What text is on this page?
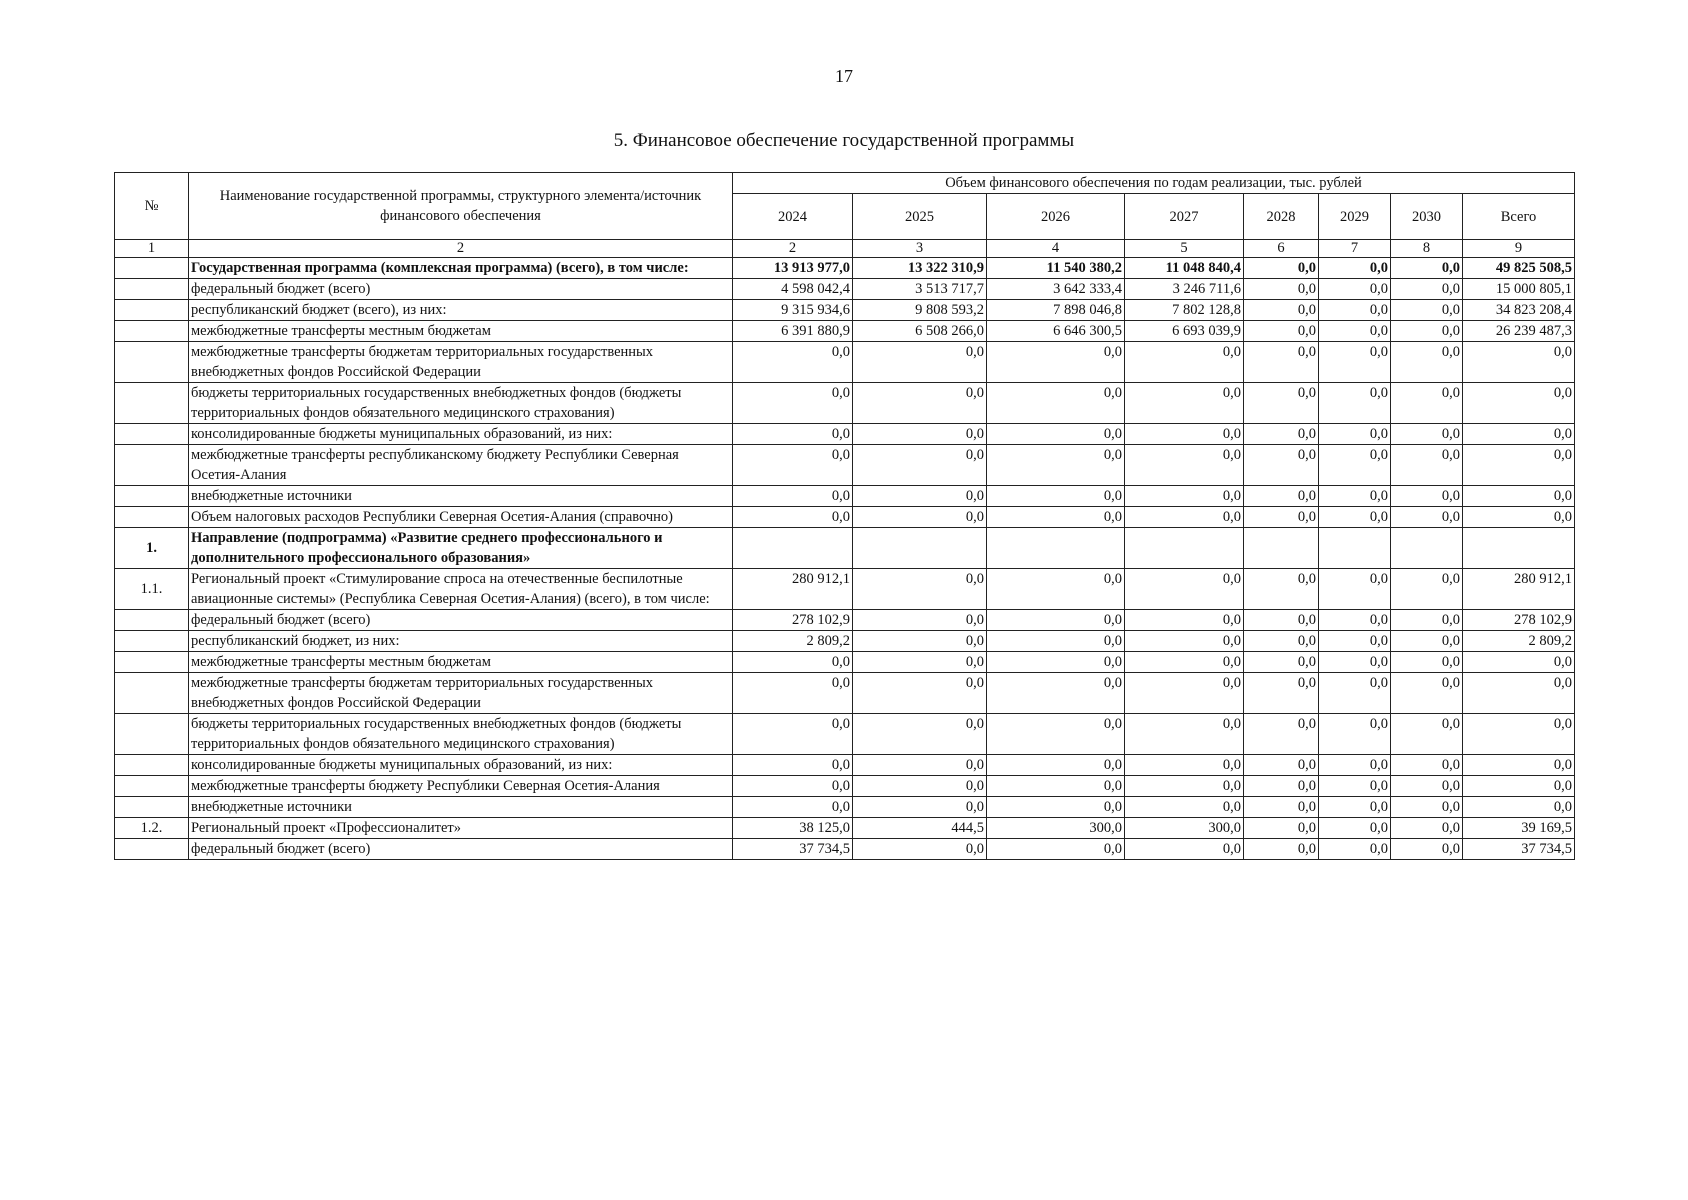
17
5. Финансовое обеспечение государственной программы
№	Наименование государственной программы, структурного элемента/источник финансового обеспечения	Объем финансового обеспечения по годам реализации, тыс. рублей							
		2024	2025	2026	2027	2028	2029	2030	Всего
1	2	2	3	4	5	6	7	8	9
	Государственная программа (комплексная программа) (всего), в том числе:	13 913 977,0	13 322 310,9	11 540 380,2	11 048 840,4	0,0	0,0	0,0	49 825 508,5
	федеральный бюджет (всего)	4 598 042,4	3 513 717,7	3 642 333,4	3 246 711,6	0,0	0,0	0,0	15 000 805,1
	республиканский бюджет (всего), из них:	9 315 934,6	9 808 593,2	7 898 046,8	7 802 128,8	0,0	0,0	0,0	34 823 208,4
	межбюджетные трансферты местным бюджетам	6 391 880,9	6 508 266,0	6 646 300,5	6 693 039,9	0,0	0,0	0,0	26 239 487,3
	межбюджетные трансферты бюджетам территориальных государственных внебюджетных фондов Российской Федерации	0,0	0,0	0,0	0,0	0,0	0,0	0,0	0,0
	бюджеты территориальных государственных внебюджетных фондов (бюджеты территориальных фондов обязательного медицинского страхования)	0,0	0,0	0,0	0,0	0,0	0,0	0,0	0,0
	консолидированные бюджеты муниципальных образований, из них:	0,0	0,0	0,0	0,0	0,0	0,0	0,0	0,0
	межбюджетные трансферты республиканскому бюджету Республики Северная Осетия-Алания	0,0	0,0	0,0	0,0	0,0	0,0	0,0	0,0
	внебюджетные источники	0,0	0,0	0,0	0,0	0,0	0,0	0,0	0,0
	Объем налоговых расходов Республики Северная Осетия-Алания (справочно)	0,0	0,0	0,0	0,0	0,0	0,0	0,0	0,0
1.	Направление (подпрограмма) «Развитие среднего профессионального и дополнительного профессионального образования»								
1.1.	Региональный проект «Стимулирование спроса на отечественные беспилотные авиационные системы» (Республика Северная Осетия-Алания) (всего), в том числе:	280 912,1	0,0	0,0	0,0	0,0	0,0	0,0	280 912,1
	федеральный бюджет (всего)	278 102,9	0,0	0,0	0,0	0,0	0,0	0,0	278 102,9
	республиканский бюджет, из них:	2 809,2	0,0	0,0	0,0	0,0	0,0	0,0	2 809,2
	межбюджетные трансферты местным бюджетам	0,0	0,0	0,0	0,0	0,0	0,0	0,0	0,0
	межбюджетные трансферты бюджетам территориальных государственных внебюджетных фондов Российской Федерации	0,0	0,0	0,0	0,0	0,0	0,0	0,0	0,0
	бюджеты территориальных государственных внебюджетных фондов (бюджеты территориальных фондов обязательного медицинского страхования)	0,0	0,0	0,0	0,0	0,0	0,0	0,0	0,0
	консолидированные бюджеты муниципальных образований, из них:	0,0	0,0	0,0	0,0	0,0	0,0	0,0	0,0
	межбюджетные трансферты бюджету Республики Северная Осетия-Алания	0,0	0,0	0,0	0,0	0,0	0,0	0,0	0,0
	внебюджетные источники	0,0	0,0	0,0	0,0	0,0	0,0	0,0	0,0
1.2.	Региональный проект «Профессионалитет»	38 125,0	444,5	300,0	300,0	0,0	0,0	0,0	39 169,5
	федеральный бюджет (всего)	37 734,5	0,0	0,0	0,0	0,0	0,0	0,0	37 734,5
